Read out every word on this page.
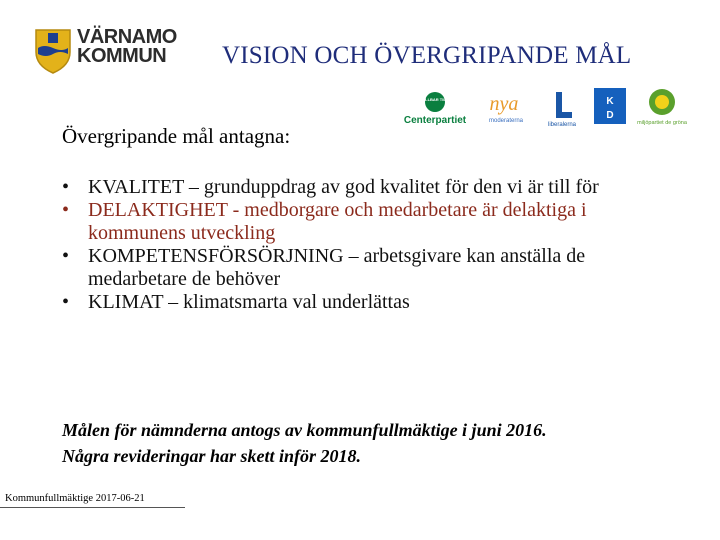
VÄRNAMO
KOMMUN	VISION OCH ÖVERGRIPANDE MÅL
HÅLLBAR TILLV
Centerpartiet
nya
moderaterna
liberalerna
K
D
miljöpartiet de gröna
Övergripande mål antagna:
• KVALITET – grunduppdrag av god kvalitet för den vi är till för
• DELAKTIGHET - medborgare och medarbetare är delaktiga i kommunens utveckling
• KOMPETENSFÖRSÖRJNING – arbetsgivare kan anställa de medarbetare de behöver
• KLIMAT – klimatsmarta val underlättas
Målen för nämnderna antogs av kommunfullmäktige i juni 2016.
Några revideringar har skett inför 2018.
Kommunfullmäktige 2017-06-21
